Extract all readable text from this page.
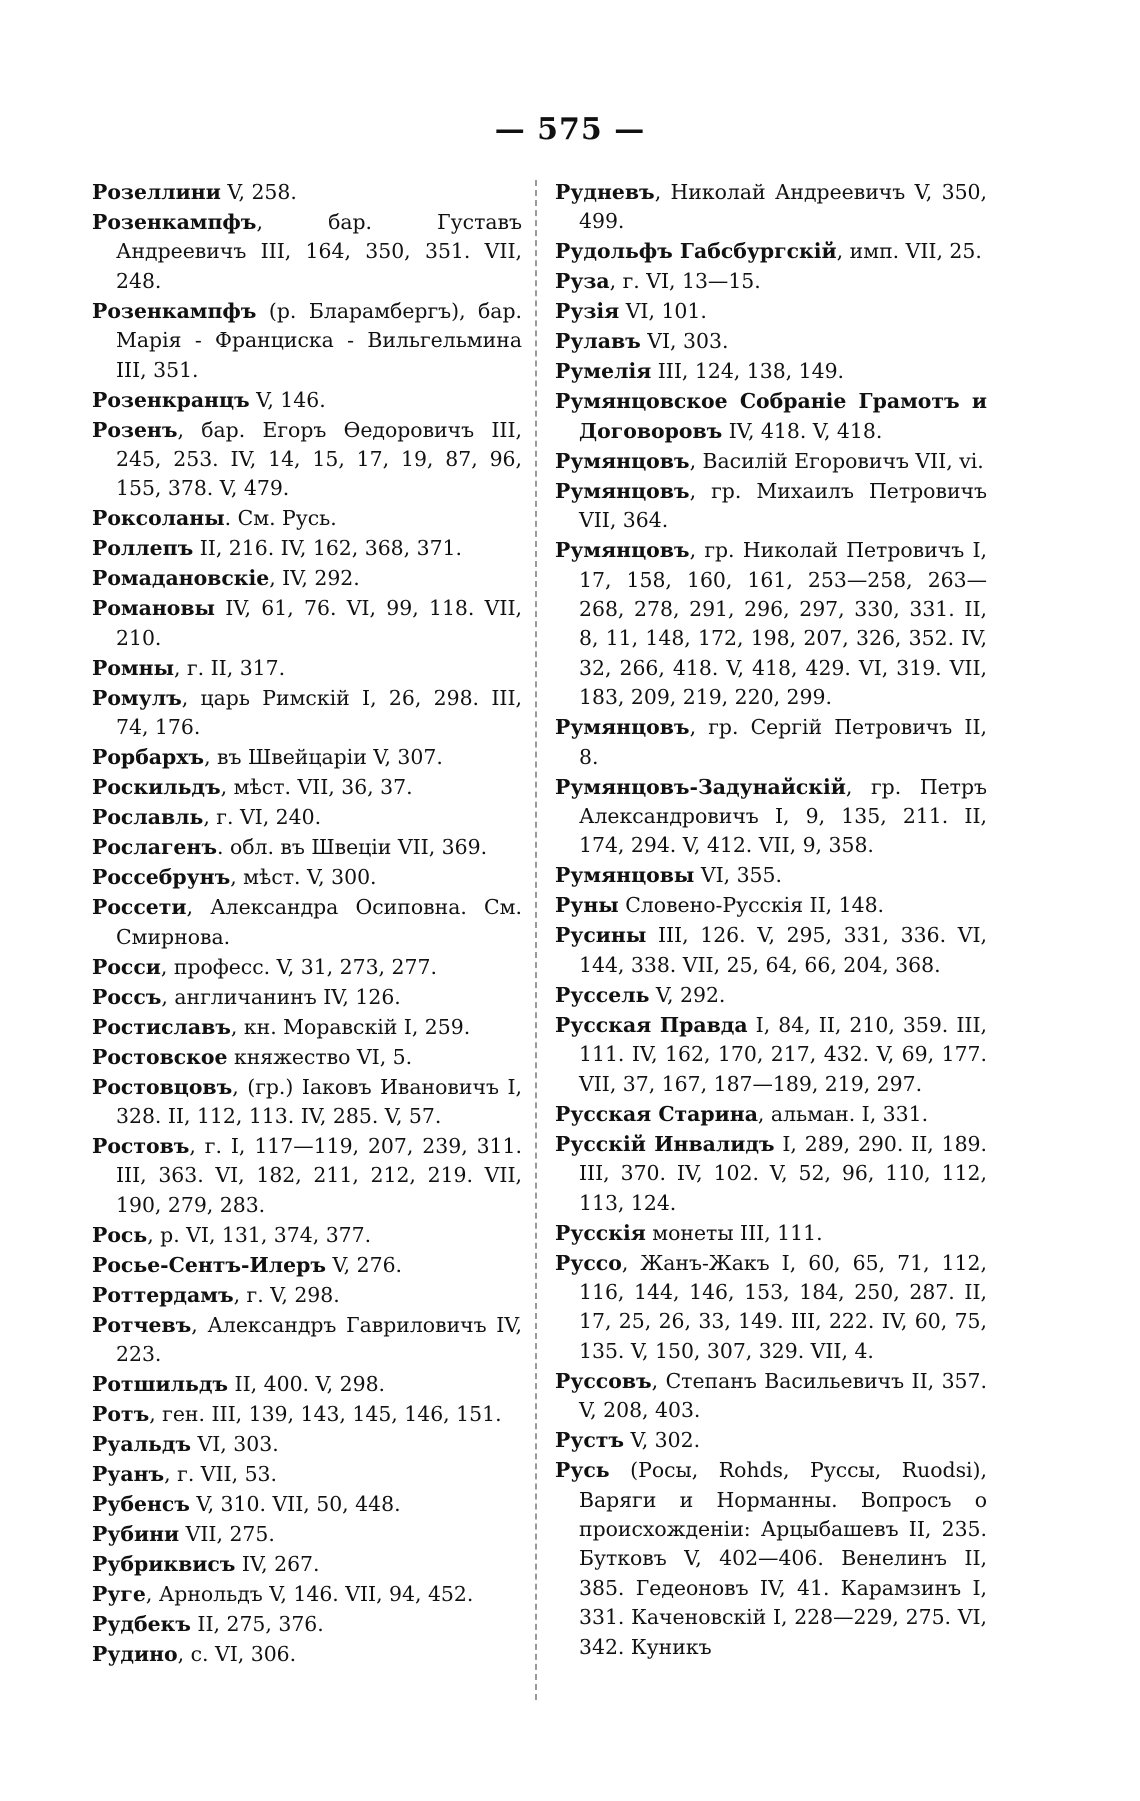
— 575 —
Розеллини V, 258.
Розенкампфъ, бар. Густавъ Андреевичъ III, 164, 350, 351. VII, 248.
Розенкампфъ (р. Бларамбергъ), бар. Марія - Франциска - Вильгельмина III, 351.
Розенкранцъ V, 146.
Розенъ, бар. Егоръ Өедоровичъ III, 245, 253. IV, 14, 15, 17, 19, 87, 96, 155, 378. V, 479.
Роксоланы. См. Русь.
Роллепъ II, 216. IV, 162, 368, 371.
Ромадановскіе, IV, 292.
Романовы IV, 61, 76. VI, 99, 118. VII, 210.
Ромны, г. II, 317.
Ромулъ, царь Римскій I, 26, 298. III, 74, 176.
Рорбархъ, въ Швейцаріи V, 307.
Роскильдъ, мѣст. VII, 36, 37.
Рославль, г. VI, 240.
Рослагенъ. обл. въ Швеціи VII, 369.
Росcебрунъ, мѣст. V, 300.
Россети, Александра Осиповна. См. Смирнова.
Росси, професс. V, 31, 273, 277.
Россъ, англичанинъ IV, 126.
Ростиславъ, кн. Моравскій I, 259.
Ростовское княжество VI, 5.
Ростовцовъ, (гр.) Іаковъ Ивановичъ I, 328. II, 112, 113. IV, 285. V, 57.
Ростовъ, г. I, 117—119, 207, 239, 311. III, 363. VI, 182, 211, 212, 219. VII, 190, 279, 283.
Рось, р. VI, 131, 374, 377.
Росье-Сентъ-Илеръ V, 276.
Роттердамъ, г. V, 298.
Ротчевъ, Александръ Гавриловичъ IV, 223.
Ротшильдъ II, 400. V, 298.
Ротъ, ген. III, 139, 143, 145, 146, 151.
Руальдъ VI, 303.
Руанъ, г. VII, 53.
Рубенсъ V, 310. VII, 50, 448.
Рубини VII, 275.
Рубриквисъ IV, 267.
Руге, Арнольдъ V, 146. VII, 94, 452.
Рудбекъ II, 275, 376.
Рудино, с. VI, 306.
Рудневъ, Николай Андреевичъ V, 350, 499.
Рудольфъ Габсбургскій, имп. VII, 25.
Руза, г. VI, 13—15.
Рузія VI, 101.
Рулавъ VI, 303.
Румелія III, 124, 138, 149.
Румянцовское Собраніе Грамотъ и Договоровъ IV, 418. V, 418.
Румянцовъ, Василій Егоровичъ VII, vi.
Румянцовъ, гр. Михаилъ Петровичъ VII, 364.
Румянцовъ, гр. Николай Петровичъ I, 17, 158, 160, 161, 253—258, 263—268, 278, 291, 296, 297, 330, 331. II, 8, 11, 148, 172, 198, 207, 326, 352. IV, 32, 266, 418. V, 418, 429. VI, 319. VII, 183, 209, 219, 220, 299.
Румянцовъ, гр. Сергій Петровичъ II, 8.
Румянцовъ-Задунайскій, гр. Петръ Александровичъ I, 9, 135, 211. II, 174, 294. V, 412. VII, 9, 358.
Румянцовы VI, 355.
Руны Словено-Русскія II, 148.
Русины III, 126. V, 295, 331, 336. VI, 144, 338. VII, 25, 64, 66, 204, 368.
Русcель V, 292.
Русская Правда I, 84, II, 210, 359. III, 111. IV, 162, 170, 217, 432. V, 69, 177. VII, 37, 167, 187—189, 219, 297.
Русская Старина, альман. I, 331.
Русскій Инвалидъ I, 289, 290. II, 189. III, 370. IV, 102. V, 52, 96, 110, 112, 113, 124.
Русскія монеты III, 111.
Руссо, Жанъ-Жакъ I, 60, 65, 71, 112, 116, 144, 146, 153, 184, 250, 287. II, 17, 25, 26, 33, 149. III, 222. IV, 60, 75, 135. V, 150, 307, 329. VII, 4.
Руссовъ, Степанъ Васильевичъ II, 357. V, 208, 403.
Рустъ V, 302.
Русь (Росы, Rohds, Руссы, Ruodsi), Варяги и Норманны. Вопросъ о происхожденіи: Арцыбашевъ II, 235. Бутковъ V, 402—406. Венелинъ II, 385. Гедеоновъ IV, 41. Карамзинъ I, 331. Каченовскій I, 228—229, 275. VI, 342. Куникъ
